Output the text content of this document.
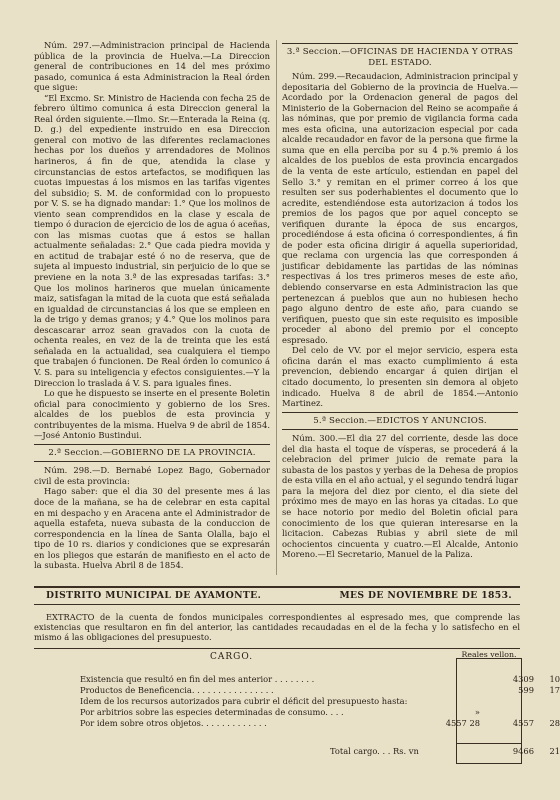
Núm. 297.—Administracion principal de Hacienda pública de la provincia de Huelva.—La Direccion general de contribuciones en 14 del mes próximo pasado, comunica á esta Administracion la Real órden que sigue:

“El Excmo. Sr. Ministro de Hacienda con fecha 25 de febrero último comunica á esta Direccion general la Real órden siguiente.—Ilmo. Sr.—Enterada la Reina (q. D. g.) del expediente instruido en esa Direccion general con motivo de las diferentes reclamaciones hechas por los dueños y arrendadores de Molinos harineros, á fin de que, atendida la clase y circunstancias de estos artefactos, se modifiquen las cuotas impuestas á los mismos en las tarifas vigentes del subsidio; S. M. de conformidad con lo propuesto por V. S. se ha dignado mandar: 1.° Que los molinos de viento sean comprendidos en la clase y escala de tiempo ó duracion de ejercicio de los de agua ó aceñas, con las mismas cuotas que á estos se hallan actualmente señaladas: 2.° Que cada piedra movida y en actitud de trabajar esté ó no de reserva, que de sujeta al impuesto industrial, sin perjuicio de lo que se previene en la nota 3.ª de las expresadas tarifas: 3.° Que los molinos harineros que muelan únicamente maiz, satisfagan la mitad de la cuota que está señalada en igualdad de circunstancias á los que se empleen en la de trigo y demas granos; y 4.° Que los molinos para descascarar arroz sean gravados con la cuota de ochenta reales, en vez de la de treinta que les está señalada en la actualidad, sea cualquiera el tiempo que trabajen ó funcionen. De Real órden lo comunico á V. S. para su inteligencia y efectos consiguientes.—Y la Direccion lo traslada á V. S. para iguales fines.

Lo que he dispuesto se inserte en el presente Boletin oficial para conocimiento y gobierno de los Sres. alcaldes de los pueblos de esta provincia y contribuyentes de la misma. Huelva 9 de abril de 1854.—José Antonio Bustindui.

2.ª Seccion.—GOBIERNO DE LA PROVINCIA.

Núm. 298.—D. Bernabé Lopez Bago, Gobernador civil de esta provincia:

Hago saber: que el dia 30 del presente mes á las doce de la mañana, se ha de celebrar en esta capital en mi despacho y en Aracena ante el Administrador de aquella estafeta, nueva subasta de la conduccion de correspondencia en la línea de Santa Olalla, bajo el tipo de 10 rs. diarios y condiciones que se expresarán en los pliegos que estarán de manifiesto en el acto de la subasta. Huelva Abril 8 de 1854.

3.ª Seccion.—OFICINAS DE HACIENDA Y OTRAS DEL ESTADO.

Núm. 299.—Recaudacion, Administracion principal y depositaria del Gobierno de la provincia de Huelva.—Acordado por la Ordenacion general de pagos del Ministerio de la Gobernacion del Reino se acompañe á las nóminas, que por premio de vigilancia forma cada mes esta oficina, una autorizacion especial por cada alcalde recaudador en favor de la persona que firme la suma que en ella perciba por su 4 p.% premio á los alcaldes de los pueblos de esta provincia encargados de la venta de este artículo, estiendan en papel del Sello 3.° y remitan en el primer correo á los que resulten ser sus poderhabientes el documento que lo acredite, estendiéndose esta autorizacion á todos los premios de los pagos que por aquel concepto se verifiquen durante la época de sus encargos, procediéndose á esta oficina ó correspondientes, á fin de poder esta oficina dirigir á aquella superioridad, que reclama con urgencia las que corresponden á justificar debidamente las partidas de las nóminas respectivas á los tres primeros meses de este año, debiendo conservarse en esta Administracion las que pertenezcan á pueblos que aun no hubiesen hecho pago alguno dentro de este año, para cuando se verifiquen, puesto que sin este requisito es imposible proceder al abono del premio por el concepto espresado.

Del celo de VV. por el mejor servicio, espera esta oficina darán el mas exacto cumplimiento á esta prevencion, debiendo encargar á quien dirijan el citado documento, lo presenten sin demora al objeto indicado. Huelva 8 de abril de 1854.—Antonio Martinez.

5.ª Seccion.—EDICTOS Y ANUNCIOS.

Núm. 300.—El dia 27 del corriente, desde las doce del dia hasta el toque de vísperas, se procederá á la celebracion del primer juicio de remate para la subasta de los pastos y yerbas de la Dehesa de propios de esta villa en el año actual, y el segundo tendrá lugar para la mejora del diez por ciento, el dia siete del próximo mes de mayo en las horas ya citadas. Lo que se hace notorio por medio del Boletin oficial para conocimiento de los que quieran interesarse en la licitacion. Cabezas Rubias y abril siete de mil ochocientos cincuenta y cuatro.—El Alcalde, Antonio Moreno.—El Secretario, Manuel de la Paliza.

DISTRITO MUNICIPAL DE AYAMONTE.	MES DE NOVIEMBRE DE 1853.

EXTRACTO de la cuenta de fondos municipales correspondientes al espresado mes, que comprende las existencias que resultaron en fin del anterior, las cantidades recaudadas en el de la fecha y lo satisfecho en el mismo á las obligaciones del presupuesto.

CARGO.	Reales vellon.
Existencia que resultó en fin del mes anterior . . . . . . . .	4309	10
Productos de Beneficencia. . . . . . . . . . . . . . . .	599	17
Idem de los recursos autorizados para cubrir el déficit del presupuesto hasta:
Por arbitrios sobre las especies determinadas de consumo. . . .	»
Por idem sobre otros objetos. . . . . . . . . . . . .	4557 28	4557	28
Total cargo. . . Rs. vn	9466	21
